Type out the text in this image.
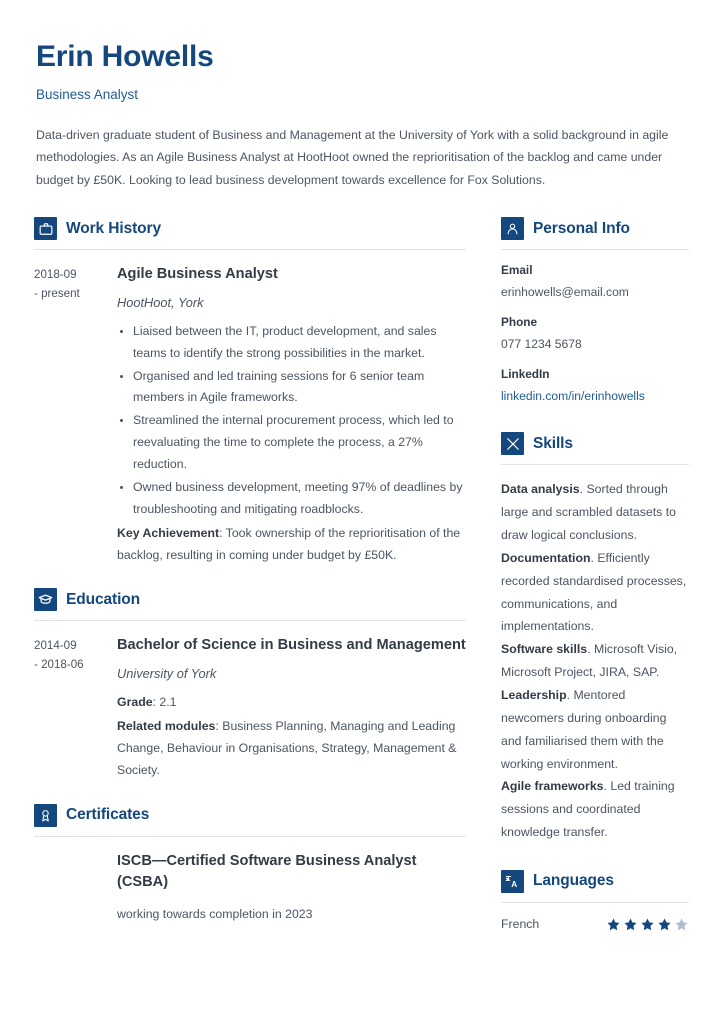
Erin Howells
Business Analyst
Data-driven graduate student of Business and Management at the University of York with a solid background in agile methodologies. As an Agile Business Analyst at HootHoot owned the reprioritisation of the backlog and came under budget by £50K. Looking to lead business development towards excellence for Fox Solutions.
Work History
2018-09
- present
Agile Business Analyst
HootHoot, York
Liaised between the IT, product development, and sales teams to identify the strong possibilities in the market.
Organised and led training sessions for 6 senior team members in Agile frameworks.
Streamlined the internal procurement process, which led to reevaluating the time to complete the process, a 27% reduction.
Owned business development, meeting 97% of deadlines by troubleshooting and mitigating roadblocks.
Key Achievement: Took ownership of the reprioritisation of the backlog, resulting in coming under budget by £50K.
Education
2014-09
- 2018-06
Bachelor of Science in Business and Management
University of York
Grade: 2.1
Related modules: Business Planning, Managing and Leading Change, Behaviour in Organisations, Strategy, Management & Society.
Certificates
ISCB—Certified Software Business Analyst (CSBA)
working towards completion in 2023
Personal Info
Email
erinhowells@email.com
Phone
077 1234 5678
LinkedIn
linkedin.com/in/erinhowells
Skills
Data analysis. Sorted through large and scrambled datasets to draw logical conclusions.
Documentation. Efficiently recorded standardised processes, communications, and implementations.
Software skills. Microsoft Visio, Microsoft Project, JIRA, SAP.
Leadership. Mentored newcomers during onboarding and familiarised them with the working environment.
Agile frameworks. Led training sessions and coordinated knowledge transfer.
ᴝ
A Languages
French
